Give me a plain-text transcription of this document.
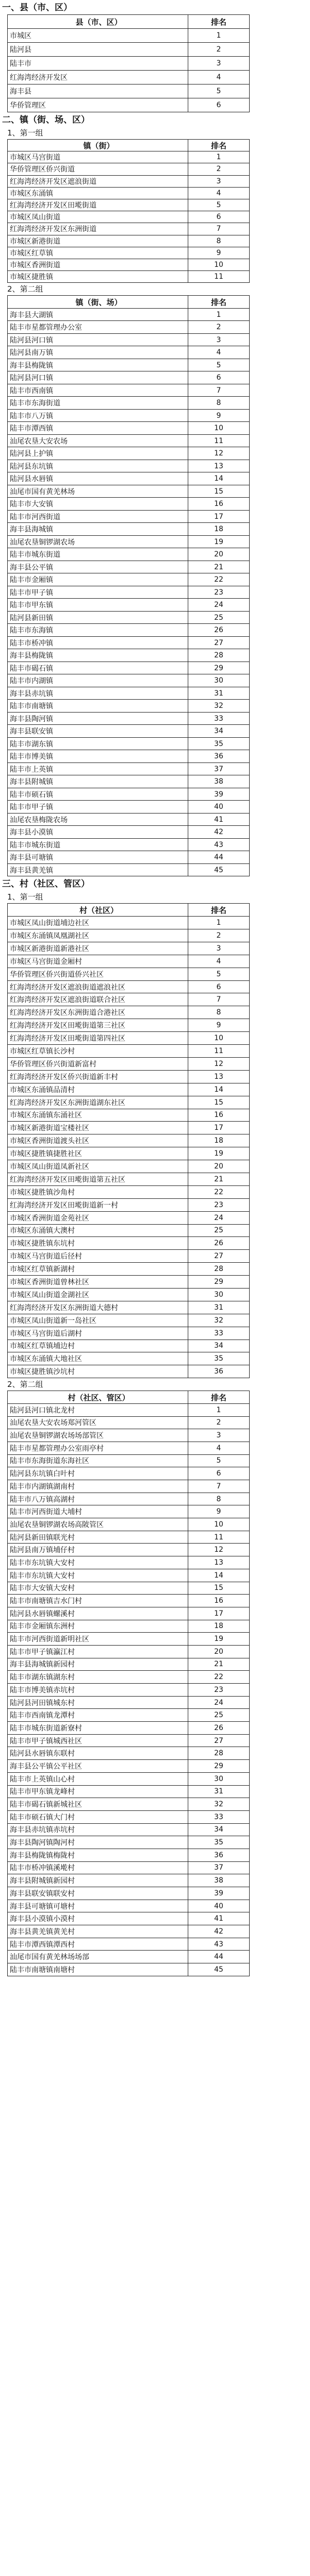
一、县（市、区）
县（市、区）	排名
市城区	1
陆河县	2
陆丰市	3
红海湾经济开发区	4
海丰县	5
华侨管理区	6
二、镇（街、场、区）
1、第一组
镇（街）	排名
市城区马宫街道	1
华侨管理区侨兴街道	2
红海湾经济开发区遮浪街道	3
市城区东涌镇	4
红海湾经济开发区田墘街道	5
市城区凤山街道	6
红海湾经济开发区东洲街道	7
市城区新港街道	8
市城区红草镇	9
市城区香洲街道	10
市城区捷胜镇	11
2、第二组
镇（街、场）	排名
海丰县大湖镇	1
陆丰市星都管理办公室	2
陆河县河口镇	3
陆河县南万镇	4
海丰县梅陇镇	5
陆河县河口镇	6
陆丰市西南镇	7
陆丰市东海街道	8
陆丰市八万镇	9
陆丰市潭西镇	10
汕尾农垦大安农场	11
陆河县上护镇	12
陆河县东坑镇	13
陆河县水唇镇	14
汕尾市国有黄羌林场	15
陆丰市大安镇	16
陆丰市河西街道	17
海丰县海城镇	18
汕尾农垦铜锣湖农场	19
陆丰市城东街道	20
海丰县公平镇	21
陆丰市金厢镇	22
陆丰市甲子镇	23
陆丰市甲东镇	24
陆河县新田镇	25
陆丰市东海镇	26
陆丰市桥冲镇	27
海丰县梅陇镇	28
陆丰市碣石镇	29
陆丰市内湖镇	30
海丰县赤坑镇	31
陆丰市南塘镇	32
海丰县陶河镇	33
海丰县联安镇	34
陆丰市湖东镇	35
陆丰市博美镇	36
陆丰市上英镇	37
海丰县附城镇	38
陆丰市硕石镇	39
陆丰市甲子镇	40
汕尾农垦梅陇农场	41
海丰县小漠镇	42
陆丰市城东街道	43
海丰县可塘镇	44
海丰县黄羌镇	45
三、村（社区、管区）
1、第一组
村（社区）	排名
市城区凤山街道埔边社区	1
市城区东涌镇凤凰湖社区	2
市城区新港街道新港社区	3
市城区马宫街道金厢村	4
华侨管理区侨兴街道侨兴社区	5
红海湾经济开发区遮浪街道遮浪社区	6
红海湾经济开发区遮浪街道联合社区	7
红海湾经济开发区东洲街道合港社区	8
红海湾经济开发区田墘街道第三社区	9
红海湾经济开发区田墘街道第四社区	10
市城区红草镇长沙村	11
华侨管理区侨兴街道新富村	12
红海湾经济开发区侨兴街道新丰村	13
市城区东涌镇品清村	14
红海湾经济开发区东洲街道湖东社区	15
市城区东涌镇东涌社区	16
市城区新港街道宝楼社区	17
市城区香洲街道渡头社区	18
市城区捷胜镇捷胜社区	19
市城区凤山街道凤新社区	20
红海湾经济开发区田墘街道第五社区	21
市城区捷胜镇沙角村	22
红海湾经济开发区田墘街道新一村	23
市城区香洲街道金苑社区	24
市城区东涌镇大澳村	25
市城区捷胜镇东坑村	26
市城区马宫街道后径村	27
市城区红草镇新湖村	28
市城区香洲街道曾林社区	29
市城区凤山街道金湖社区	30
红海湾经济开发区东洲街道大德村	31
市城区凤山街道新一岛社区	32
市城区马宫街道后湖村	33
市城区红草镇埔边村	34
市城区东涌镇大地社区	35
市城区捷胜镇沙坑村	36
2、第二组
村（社区、管区）	排名
陆河县河口镇北龙村	1
汕尾农垦大安农场郑河管区	2
汕尾农垦铜锣湖农场场部管区	3
陆丰市星都管理办公室雨亭村	4
陆丰市东海街道东海社区	5
陆河县东坑镇白叶村	6
陆丰市内湖镇湖南村	7
陆丰市八万镇高湖村	8
陆丰市河西街道大埔村	9
汕尾农垦铜锣湖农场高陂管区	10
陆河县新田镇联光村	11
陆河县南万镇埔仔村	12
陆丰市东坑镇大安村	13
陆丰市东坑镇大安村	14
陆丰市大安镇大安村	15
陆丰市南塘镇吉水门村	16
陆河县水唇镇螺溪村	17
陆丰市金厢镇东洲村	18
陆丰市河西街道新明社区	19
陆丰市甲子镇瀛江村	20
海丰县海城镇新园村	21
陆丰市湖东镇湖东村	22
陆丰市博美镇赤坑村	23
陆河县河田镇城东村	24
陆丰市西南镇龙潭村	25
陆丰市城东街道新寮村	26
陆丰市甲子镇城西社区	27
陆河县水唇镇东联村	28
海丰县公平镇公平社区	29
陆丰市上英镇山心村	30
陆丰市甲东镇龙峰村	31
陆丰市碣石镇新城社区	32
陆丰市硕石镇大门村	33
海丰县赤坑镇赤坑村	34
海丰县陶河镇陶河村	35
海丰县梅陇镇梅陇村	36
陆丰市桥冲镇溪墘村	37
海丰县附城镇新园村	38
海丰县联安镇联安村	39
海丰县可塘镇可塘村	40
海丰县小漠镇小漠村	41
海丰县黄羌镇黄羌村	42
陆丰市潭西镇潭西村	43
汕尾市国有黄羌林场场部	44
陆丰市南塘镇南塘村	45
